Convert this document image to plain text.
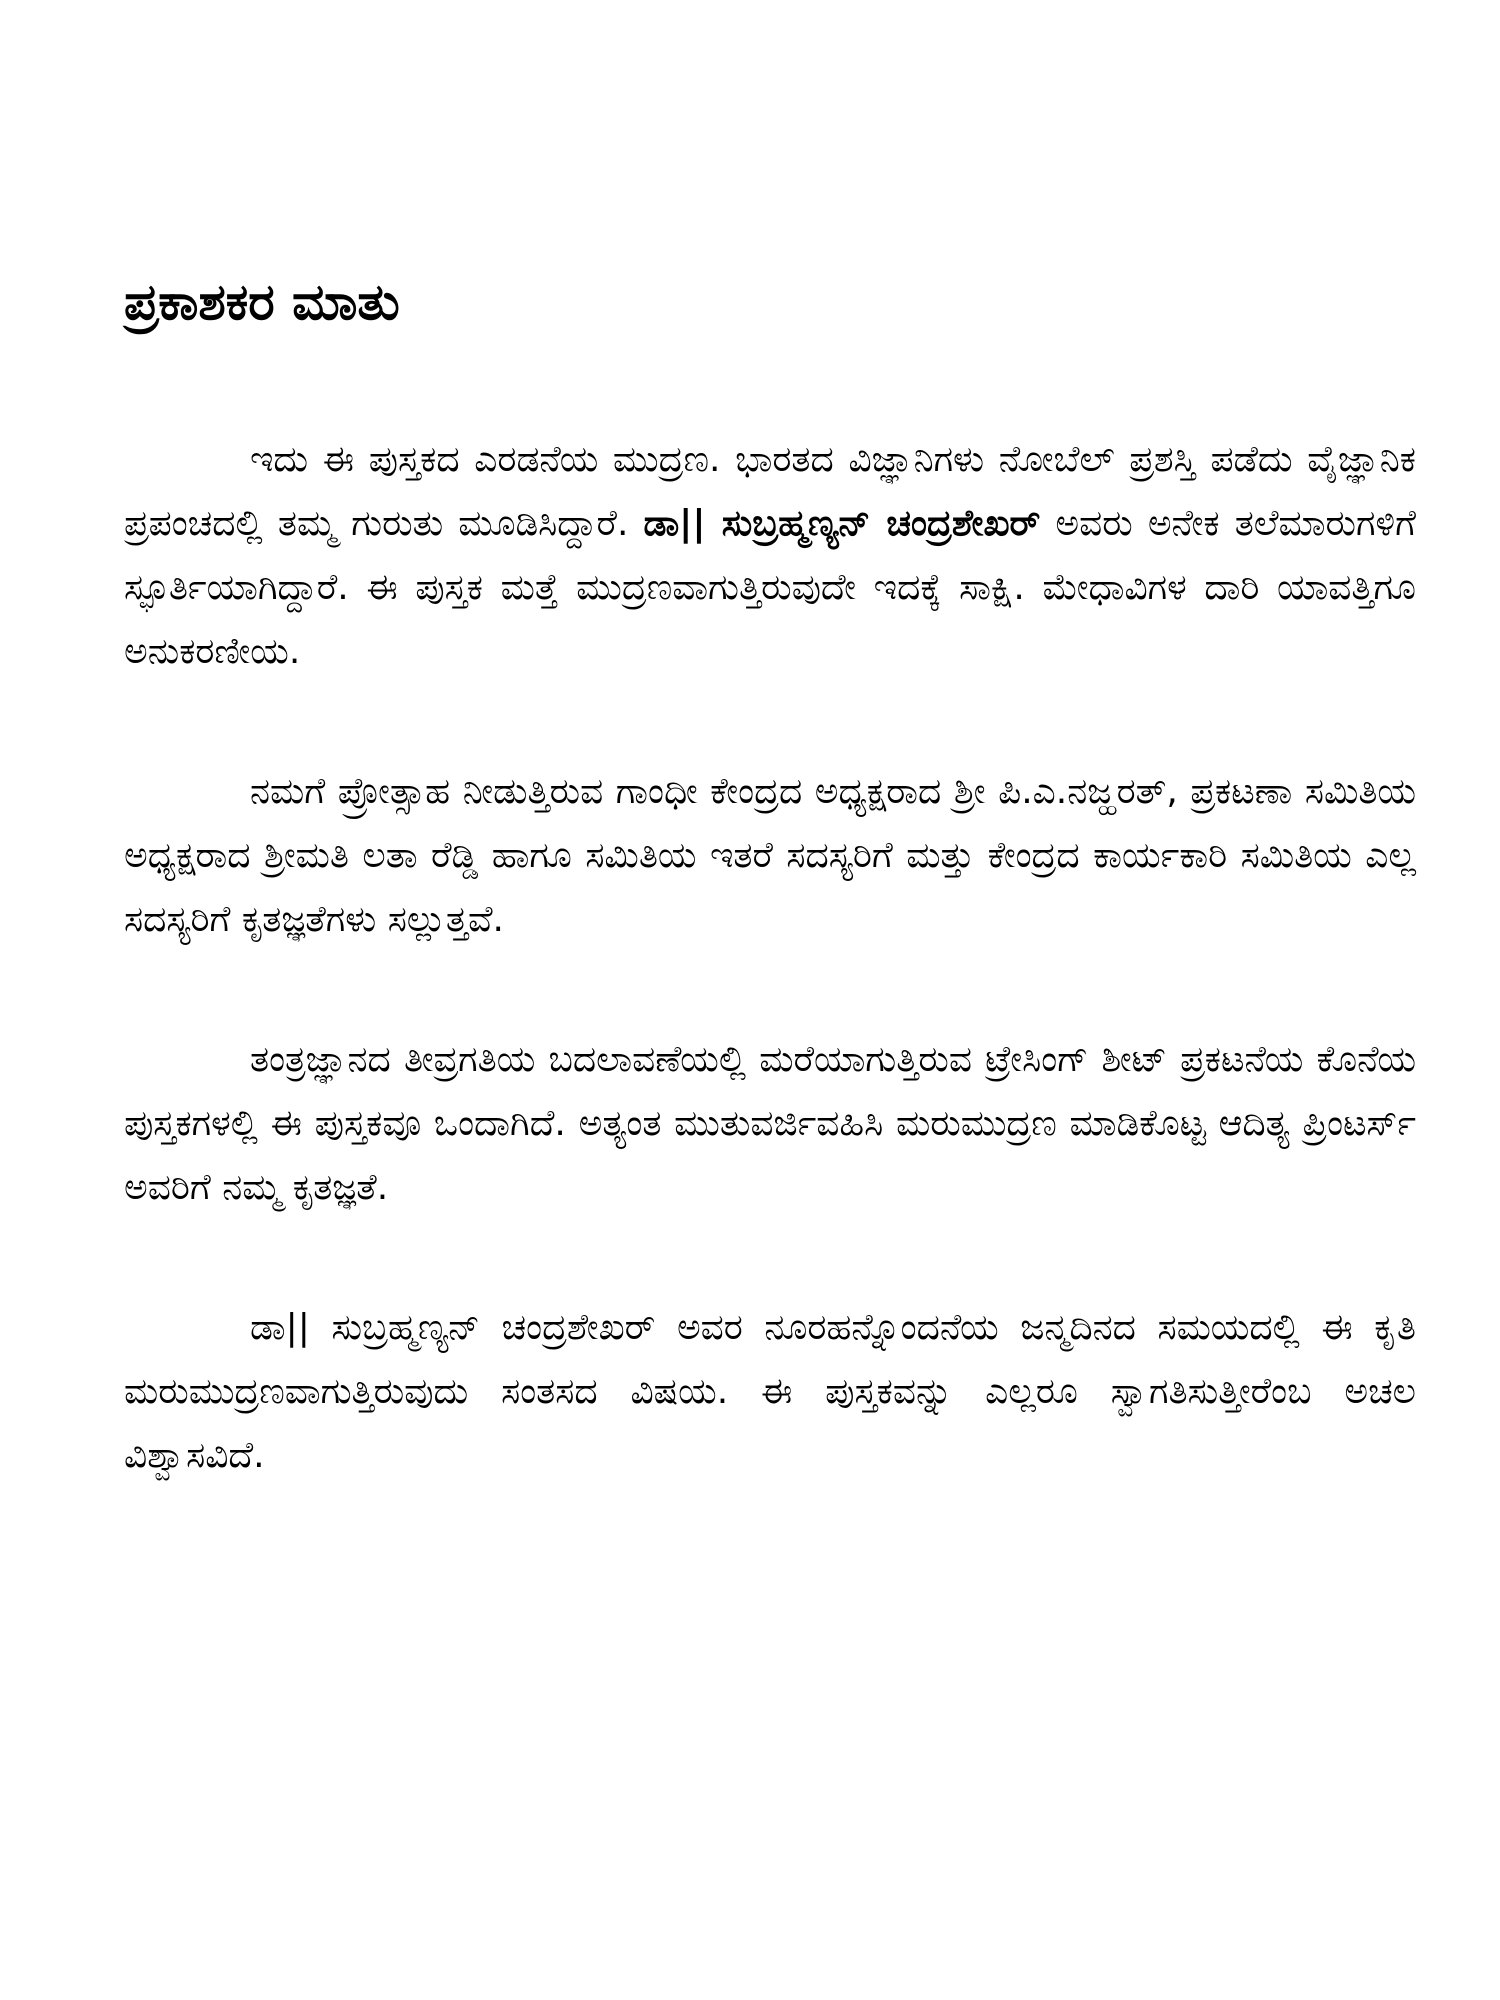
ಪ್ರಕಾಶಕರ ಮಾತು

ಇದು ಈ ಪುಸ್ತಕದ ಎರಡನೆಯ ಮುದ್ರಣ. ಭಾರತದ ವಿಜ್ಞಾನಿಗಳು ನೋಬೆಲ್ ಪ್ರಶಸ್ತಿ ಪಡೆದು ವೈಜ್ಞಾನಿಕ ಪ್ರಪಂಚದಲ್ಲಿ ತಮ್ಮ ಗುರುತು ಮೂಡಿಸಿದ್ದಾರೆ. ಡಾ|| ಸುಬ್ರಹ್ಮಣ್ಯನ್ ಚಂದ್ರಶೇಖರ್ ಅವರು ಅನೇಕ ತಲೆಮಾರುಗಳಿಗೆ ಸ್ಫೂರ್ತಿಯಾಗಿದ್ದಾರೆ. ಈ ಪುಸ್ತಕ ಮತ್ತೆ ಮುದ್ರಣವಾಗುತ್ತಿರುವುದೇ ಇದಕ್ಕೆ ಸಾಕ್ಷಿ. ಮೇಧಾವಿಗಳ ದಾರಿ ಯಾವತ್ತಿಗೂ ಅನುಕರಣೀಯ.

ನಮಗೆ ಪ್ರೋತ್ಸಾಹ ನೀಡುತ್ತಿರುವ ಗಾಂಧೀ ಕೇಂದ್ರದ ಅಧ್ಯಕ್ಷರಾದ ಶ್ರೀ ಪಿ.ಎ.ನಜ್ಹರತ್, ಪ್ರಕಟಣಾ ಸಮಿತಿಯ ಅಧ್ಯಕ್ಷರಾದ ಶ್ರೀಮತಿ ಲತಾ ರೆಡ್ಡಿ ಹಾಗೂ ಸಮಿತಿಯ ಇತರೆ ಸದಸ್ಯರಿಗೆ ಮತ್ತು ಕೇಂದ್ರದ ಕಾರ್ಯಕಾರಿ ಸಮಿತಿಯ ಎಲ್ಲ ಸದಸ್ಯರಿಗೆ ಕೃತಜ್ಞತೆಗಳು ಸಲ್ಲುತ್ತವೆ.

ತಂತ್ರಜ್ಞಾನದ ತೀವ್ರಗತಿಯ ಬದಲಾವಣೆಯಲ್ಲಿ ಮರೆಯಾಗುತ್ತಿರುವ ಟ್ರೇಸಿಂಗ್ ಶೀಟ್ ಪ್ರಕಟನೆಯ ಕೊನೆಯ ಪುಸ್ತಕಗಳಲ್ಲಿ ಈ ಪುಸ್ತಕವೂ ಒಂದಾಗಿದೆ. ಅತ್ಯಂತ ಮುತುವರ್ಜಿವಹಿಸಿ ಮರುಮುದ್ರಣ ಮಾಡಿಕೊಟ್ಟ ಆದಿತ್ಯ ಪ್ರಿಂಟರ್ಸ್ ಅವರಿಗೆ ನಮ್ಮ ಕೃತಜ್ಞತೆ.

ಡಾ|| ಸುಬ್ರಹ್ಮಣ್ಯನ್ ಚಂದ್ರಶೇಖರ್ ಅವರ ನೂರಹನ್ನೊಂದನೆಯ ಜನ್ಮದಿನದ ಸಮಯದಲ್ಲಿ ಈ ಕೃತಿ ಮರುಮುದ್ರಣವಾಗುತ್ತಿರುವುದು ಸಂತಸದ ವಿಷಯ. ಈ ಪುಸ್ತಕವನ್ನು ಎಲ್ಲರೂ ಸ್ವಾಗತಿಸುತ್ತೀರೆಂಬ ಅಚಲ ವಿಶ್ವಾಸವಿದೆ.
